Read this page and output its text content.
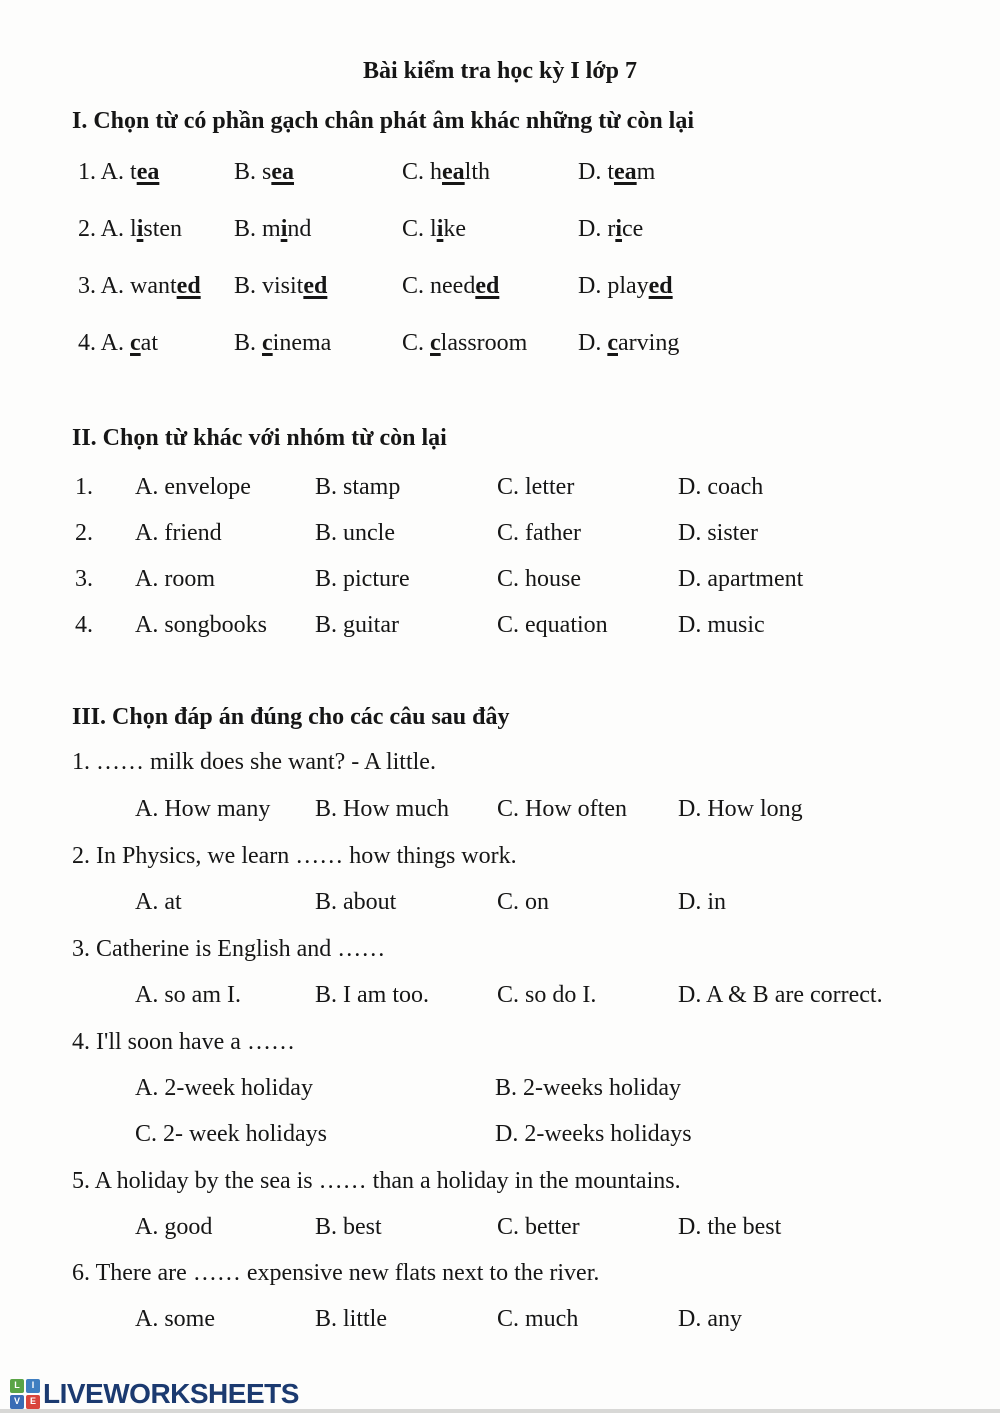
Bài kiểm tra học kỳ I lớp 7
I. Chọn từ có phần gạch chân phát âm khác những từ còn lại
1. A. tea	B. sea	C. health	D. team
2. A. listen B. mind	C. like	D. rice
3. A. wanted B. visited	C. needed	D. played
4. A. cat	B. cinema	C. classroom D. carving
II. Chọn từ khác với nhóm từ còn lại
1. A. envelope	B. stamp	C. letter	D. coach
2. A. friend	B. uncle	C. father	D. sister
3. A. room	B. picture	C. house	D. apartment
4. A. songbooks B. guitar	C. equation	D. music
III. Chọn đáp án đúng cho các câu sau đây
1. …… milk does she want? - A little.
A. How many B. How much C. How often D. How long
2. In Physics, we learn …… how things work.
A. at	B. about	C. on	D. in
3. Catherine is English and ……
A. so am I.	B. I am too.	C. so do I.	D. A & B are correct.
4. I'll soon have a ……
A. 2-week holiday	B. 2-weeks holiday
C. 2- week holidays	D. 2-weeks holidays
5. A holiday by the sea is …… than a holiday in the mountains.
A. good	B. best	C. better	D. the best
6. There are …… expensive new flats next to the river.
A. some	B. little	C. much	D. any
L	I
V	E LIVEWORKSHEETS
